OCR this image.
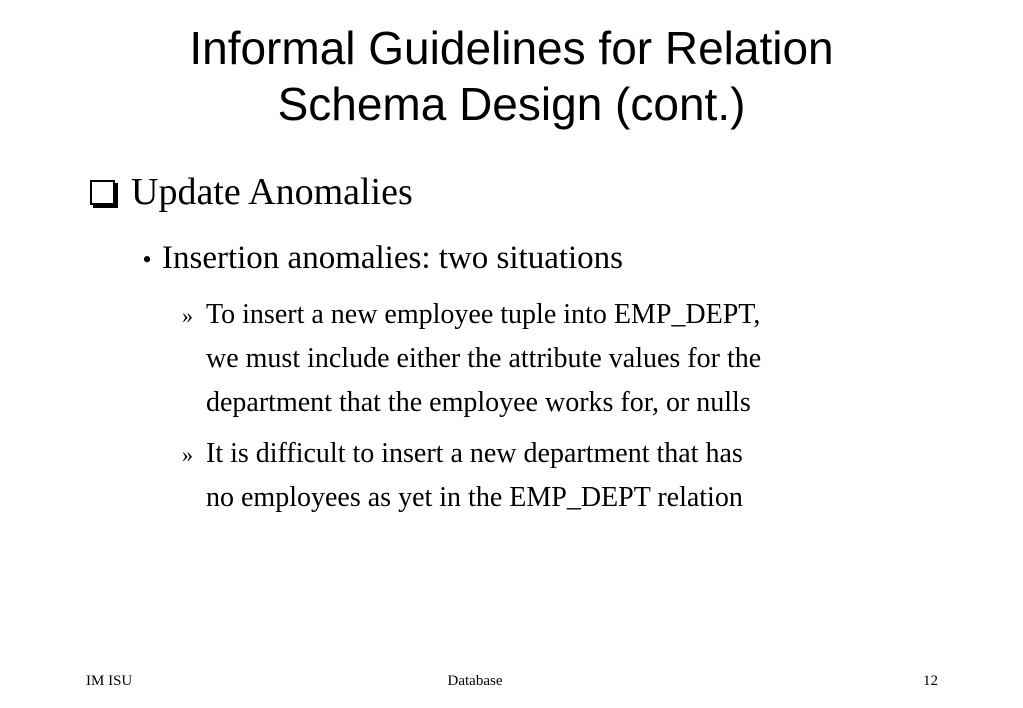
Informal Guidelines for Relation
Schema Design (cont.)
Update Anomalies
• Insertion anomalies: two situations
» To insert a new employee tuple into EMP_DEPT,
we must include either the attribute values for the
department that the employee works for, or nulls
» It is difficult to insert a new department that has
no employees as yet in the EMP_DEPT relation
IM ISU	Database	12
